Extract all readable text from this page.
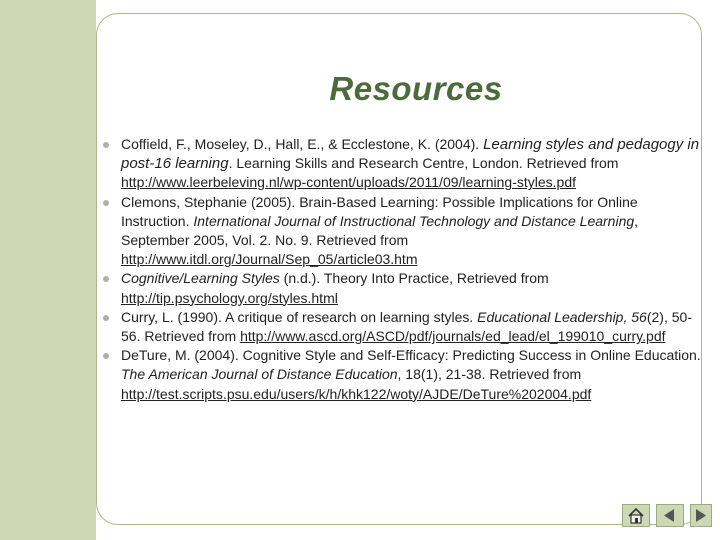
Resources
Coffield, F., Moseley, D., Hall, E., & Ecclestone, K. (2004). Learning styles and pedagogy in post-16 learning. Learning Skills and Research Centre, London. Retrieved from http://www.leerbeleving.nl/wp-content/uploads/2011/09/learning-styles.pdf
Clemons, Stephanie (2005). Brain-Based Learning: Possible Implications for Online Instruction. International Journal of Instructional Technology and Distance Learning, September 2005, Vol. 2. No. 9. Retrieved from http://www.itdl.org/Journal/Sep_05/article03.htm
Cognitive/Learning Styles (n.d.). Theory Into Practice, Retrieved from http://tip.psychology.org/styles.html
Curry, L. (1990). A critique of research on learning styles. Educational Leadership, 56(2), 50-56. Retrieved from http://www.ascd.org/ASCD/pdf/journals/ed_lead/el_199010_curry.pdf
DeTure, M. (2004). Cognitive Style and Self-Efficacy: Predicting Success in Online Education. The American Journal of Distance Education, 18(1), 21-38. Retrieved from http://test.scripts.psu.edu/users/k/h/khk122/woty/AJDE/DeTure%202004.pdf
